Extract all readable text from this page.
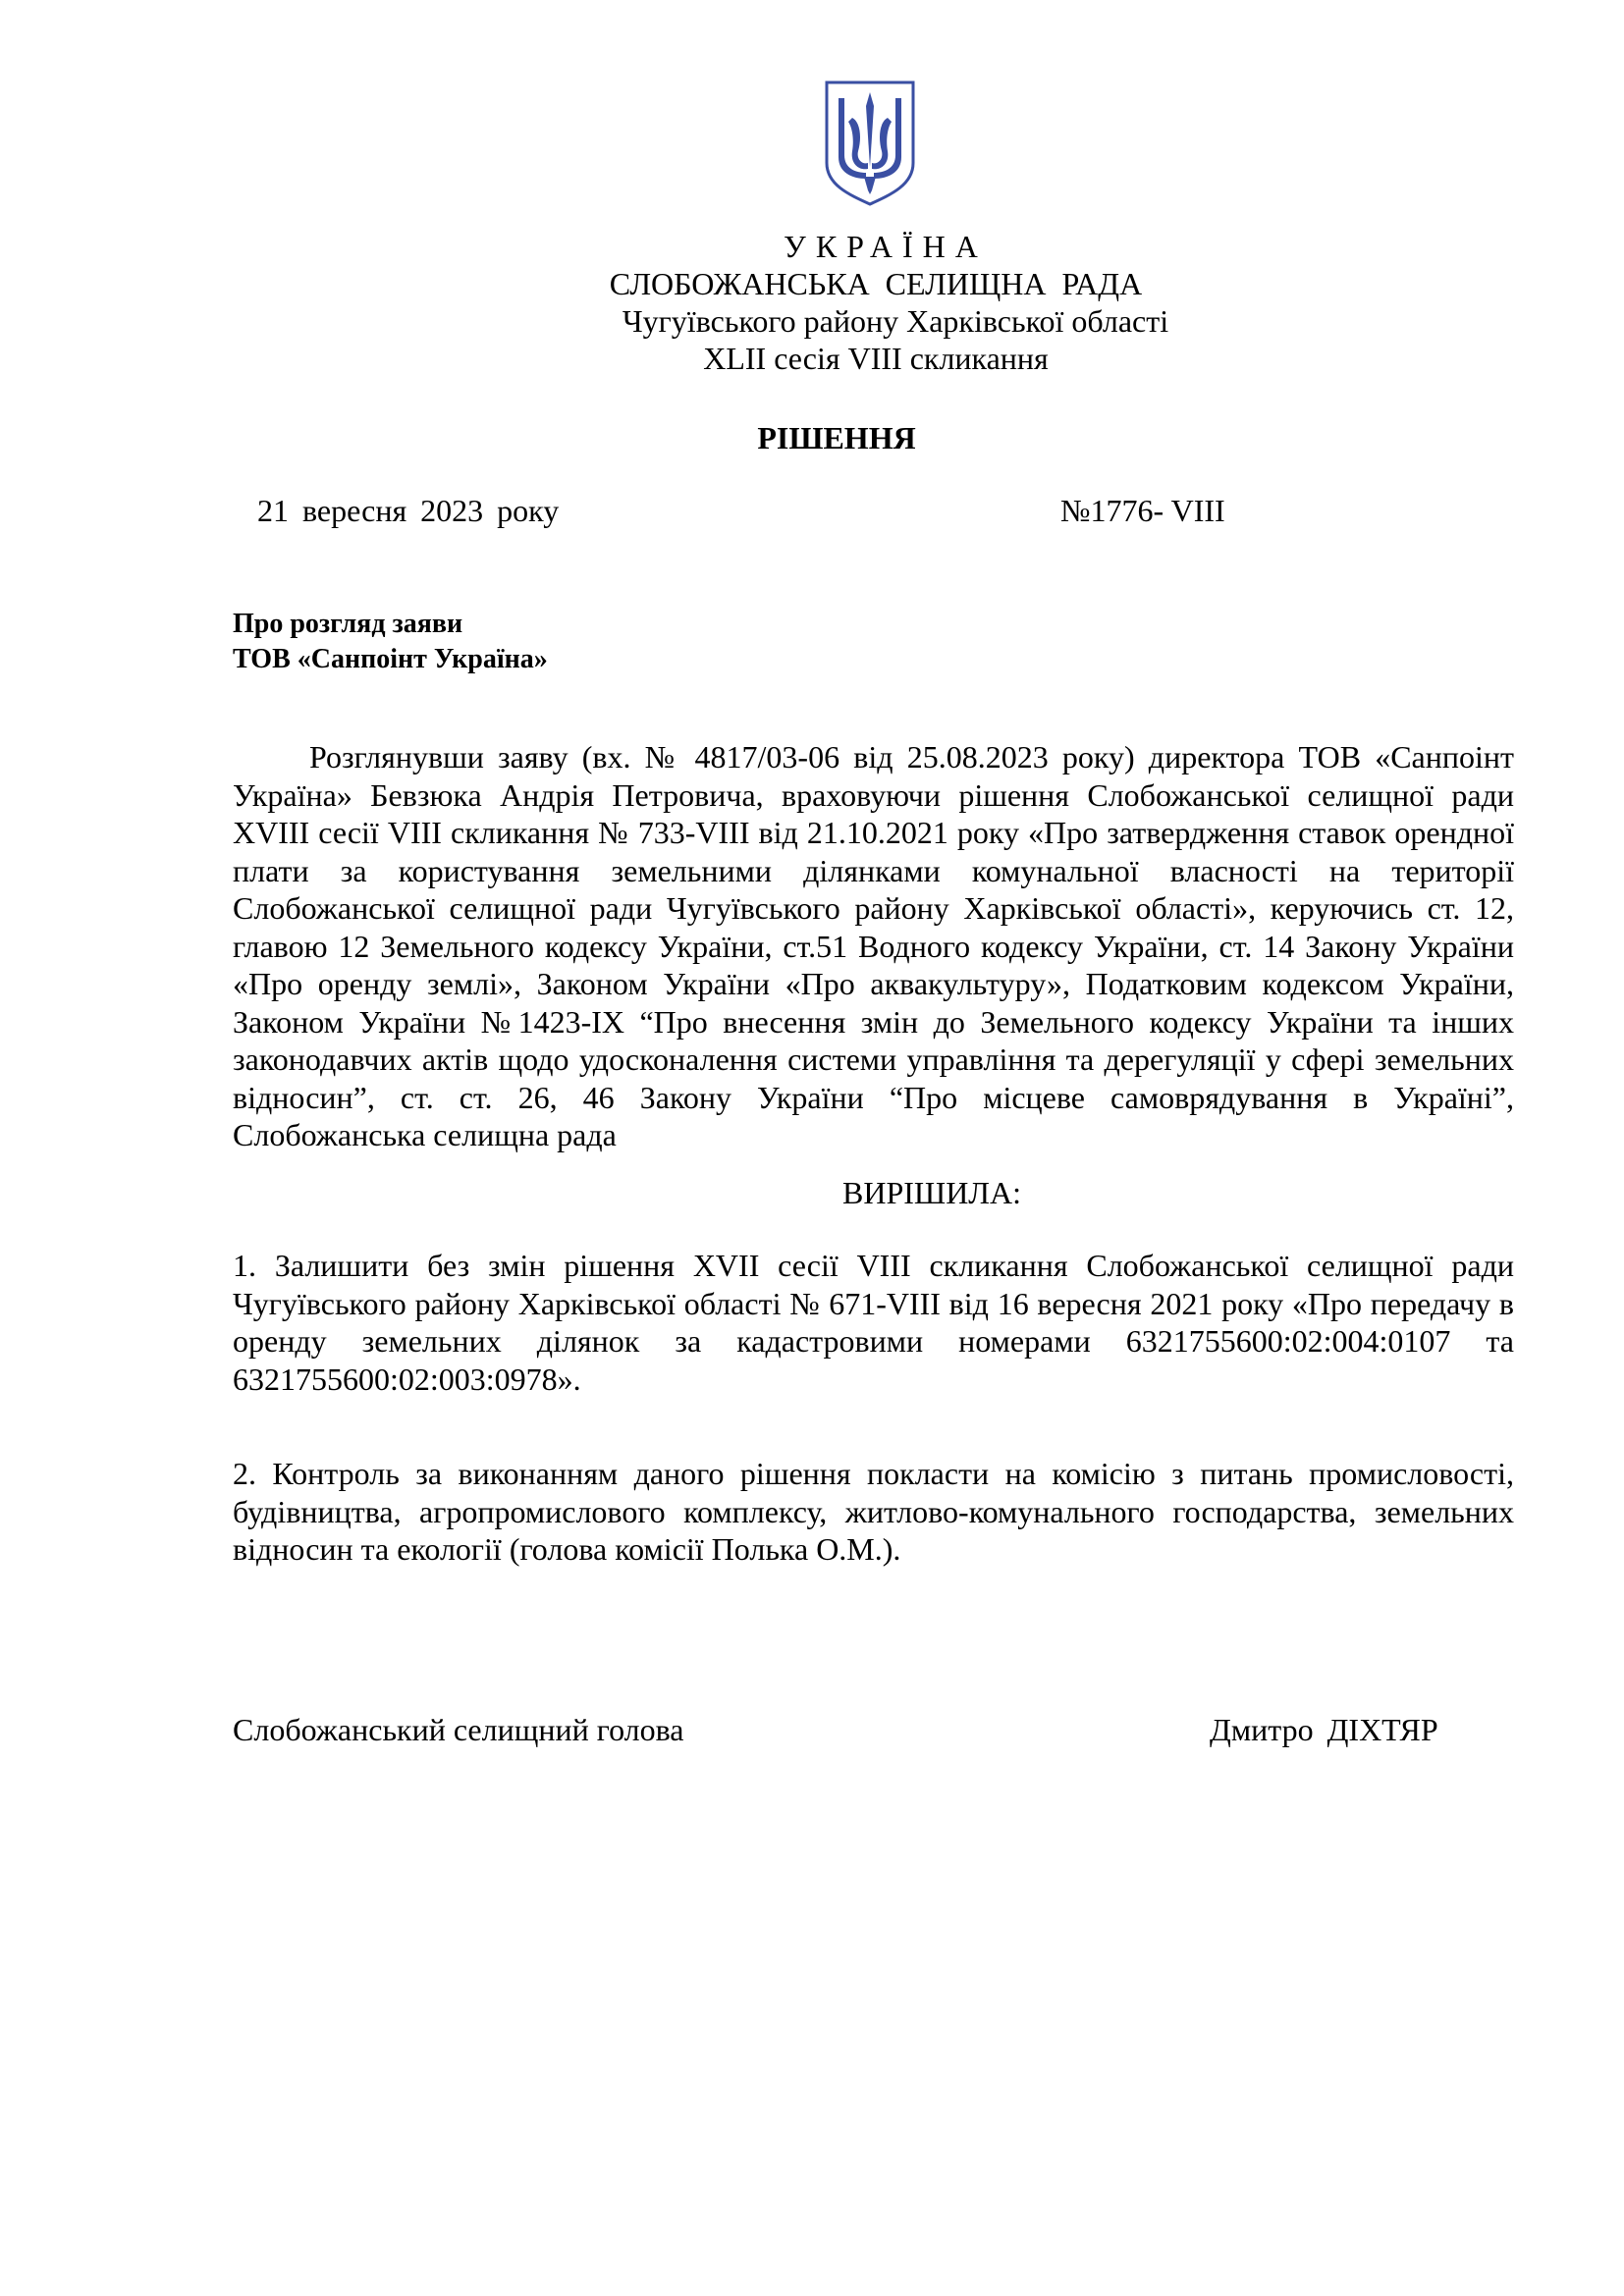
УКРАЇНА
СЛОБОЖАНСЬКА СЕЛИЩНА РАДА
Чугуївського району Харківської області
XLII сесія VIII скликання
РІШЕННЯ
21 вересня 2023 року	№1776- VIII
Про розгляд заяви
ТОВ «Санпоінт Україна»

Розглянувши заяву (вх. № 4817/03-06 від 25.08.2023 року) директора ТОВ «Санпоінт Україна» Бевзюка Андрія Петровича, враховуючи рішення Слобожанської селищної ради XVIII сесії VIII скликання № 733-VIII від 21.10.2021 року «Про затвердження ставок орендної плати за користування земельними ділянками комунальної власності на території Слобожанської селищної ради Чугуївського району Харківської області», керуючись ст. 12, главою 12 Земельного кодексу України, ст.51 Водного кодексу України, ст. 14 Закону України «Про оренду землі», Законом України «Про аквакультуру», Податковим кодексом України, Законом України №1423-IX “Про внесення змін до Земельного кодексу України та інших законодавчих актів щодо удосконалення системи управління та дерегуляції у сфері земельних відносин”, ст. ст. 26, 46 Закону України “Про місцеве самоврядування в Україні”, Слобожанська селищна рада

ВИРІШИЛА:

1. Залишити без змін рішення XVII сесії VIII скликання Слобожанської селищної ради Чугуївського району Харківської області № 671-VIII від 16 вересня 2021 року «Про передачу в оренду земельних ділянок за кадастровими номерами 6321755600:02:004:0107 та 6321755600:02:003:0978».

2. Контроль за виконанням даного рішення покласти на комісію з питань промисловості, будівництва, агропромислового комплексу, житлово-комунального господарства, земельних відносин та екології (голова комісії Полька О.М.).

Слобожанський селищний голова	Дмитро ДІХТЯР
